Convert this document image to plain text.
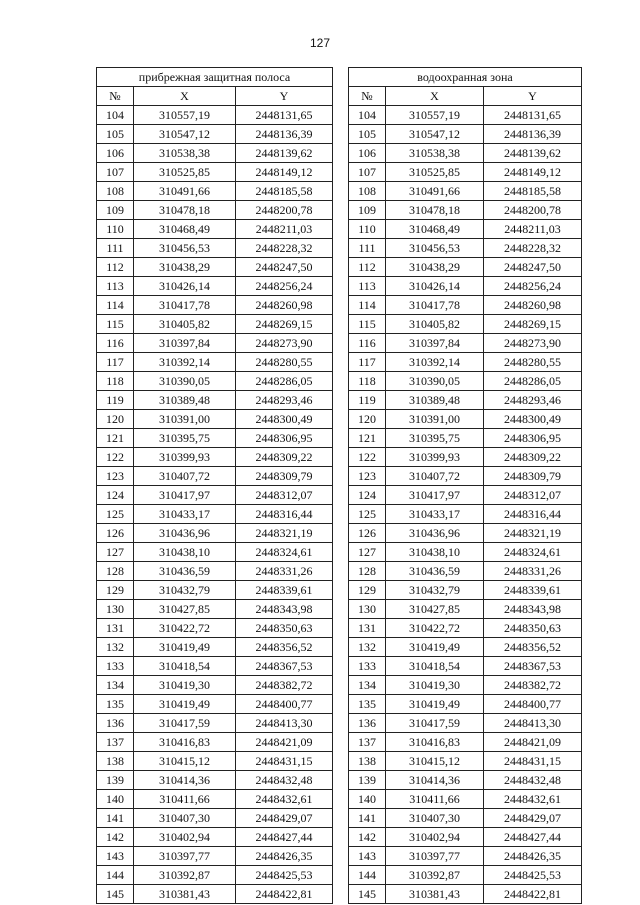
127
прибрежная защитная полоса				водоохранная зона		
№	X	Y		№	X	Y
104	310557,19	2448131,65		104	310557,19	2448131,65
105	310547,12	2448136,39		105	310547,12	2448136,39
106	310538,38	2448139,62		106	310538,38	2448139,62
107	310525,85	2448149,12		107	310525,85	2448149,12
108	310491,66	2448185,58		108	310491,66	2448185,58
109	310478,18	2448200,78		109	310478,18	2448200,78
110	310468,49	2448211,03		110	310468,49	2448211,03
111	310456,53	2448228,32		111	310456,53	2448228,32
112	310438,29	2448247,50		112	310438,29	2448247,50
113	310426,14	2448256,24		113	310426,14	2448256,24
114	310417,78	2448260,98		114	310417,78	2448260,98
115	310405,82	2448269,15		115	310405,82	2448269,15
116	310397,84	2448273,90		116	310397,84	2448273,90
117	310392,14	2448280,55		117	310392,14	2448280,55
118	310390,05	2448286,05		118	310390,05	2448286,05
119	310389,48	2448293,46		119	310389,48	2448293,46
120	310391,00	2448300,49		120	310391,00	2448300,49
121	310395,75	2448306,95		121	310395,75	2448306,95
122	310399,93	2448309,22		122	310399,93	2448309,22
123	310407,72	2448309,79		123	310407,72	2448309,79
124	310417,97	2448312,07		124	310417,97	2448312,07
125	310433,17	2448316,44		125	310433,17	2448316,44
126	310436,96	2448321,19		126	310436,96	2448321,19
127	310438,10	2448324,61		127	310438,10	2448324,61
128	310436,59	2448331,26		128	310436,59	2448331,26
129	310432,79	2448339,61		129	310432,79	2448339,61
130	310427,85	2448343,98		130	310427,85	2448343,98
131	310422,72	2448350,63		131	310422,72	2448350,63
132	310419,49	2448356,52		132	310419,49	2448356,52
133	310418,54	2448367,53		133	310418,54	2448367,53
134	310419,30	2448382,72		134	310419,30	2448382,72
135	310419,49	2448400,77		135	310419,49	2448400,77
136	310417,59	2448413,30		136	310417,59	2448413,30
137	310416,83	2448421,09		137	310416,83	2448421,09
138	310415,12	2448431,15		138	310415,12	2448431,15
139	310414,36	2448432,48		139	310414,36	2448432,48
140	310411,66	2448432,61		140	310411,66	2448432,61
141	310407,30	2448429,07		141	310407,30	2448429,07
142	310402,94	2448427,44		142	310402,94	2448427,44
143	310397,77	2448426,35		143	310397,77	2448426,35
144	310392,87	2448425,53		144	310392,87	2448425,53
145	310381,43	2448422,81		145	310381,43	2448422,81
